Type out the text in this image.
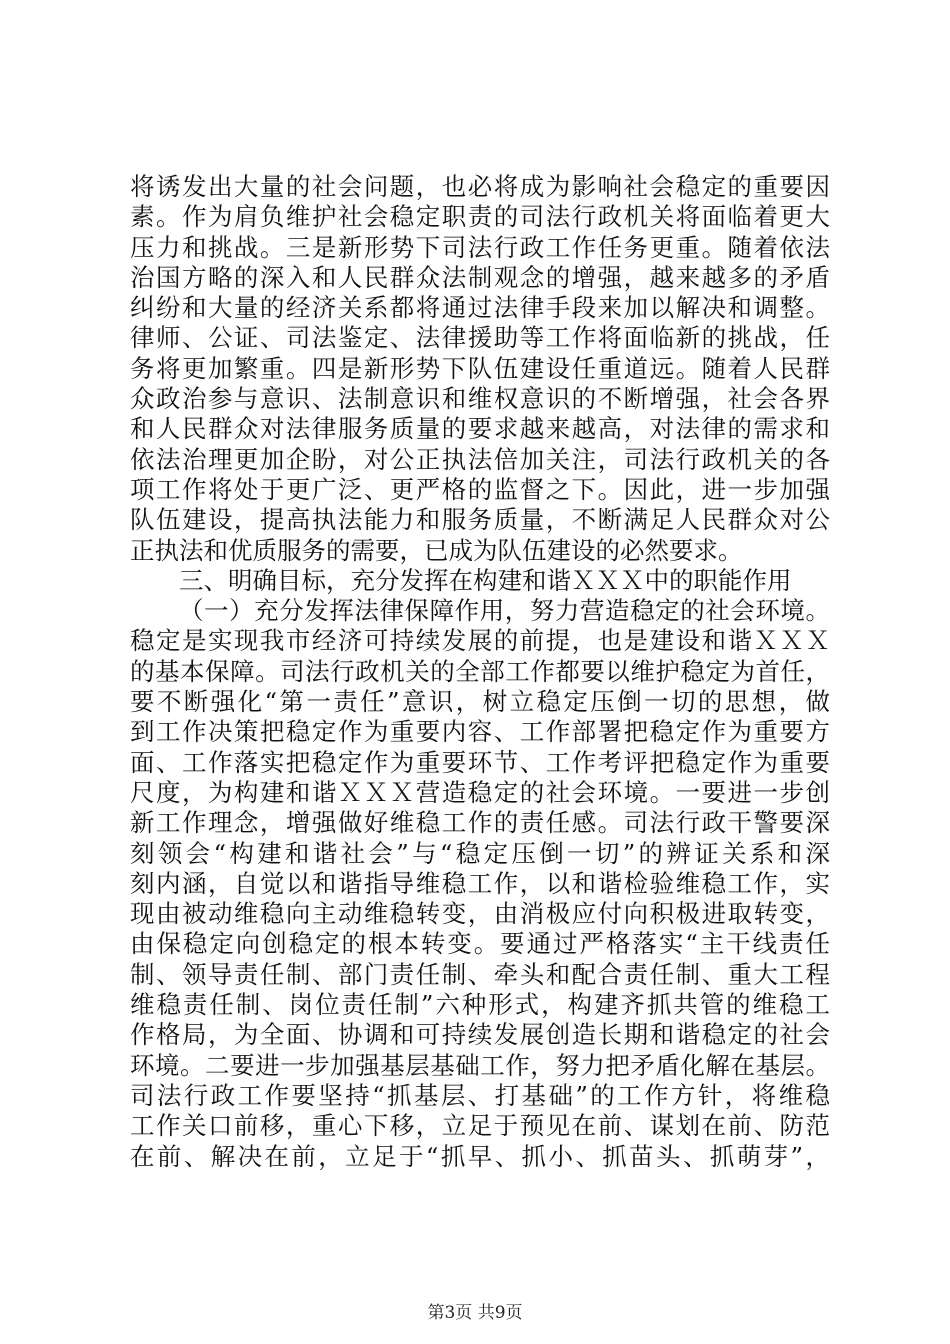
将诱发出大量的社会问题，也必将成为影响社会稳定的重要因
素。作为肩负维护社会稳定职责的司法行政机关将面临着更大
压力和挑战。三是新形势下司法行政工作任务更重。随着依法
治国方略的深入和人民群众法制观念的增强，越来越多的矛盾
纠纷和大量的经济关系都将通过法律手段来加以解决和调整。
律师、公证、司法鉴定、法律援助等工作将面临新的挑战，任
务将更加繁重。四是新形势下队伍建设任重道远。随着人民群
众政治参与意识、法制意识和维权意识的不断增强，社会各界
和人民群众对法律服务质量的要求越来越高，对法律的需求和
依法治理更加企盼，对公正执法倍加关注，司法行政机关的各
项工作将处于更广泛、更严格的监督之下。因此，进一步加强
队伍建设，提高执法能力和服务质量，不断满足人民群众对公
正执法和优质服务的需要，已成为队伍建设的必然要求。
三、明确目标，充分发挥在构建和谐ＸＸＸ中的职能作用
（一）充分发挥法律保障作用，努力营造稳定的社会环境。
稳定是实现我市经济可持续发展的前提，也是建设和谐ＸＸＸ
的基本保障。司法行政机关的全部工作都要以维护稳定为首任，
要不断强化“第一责任”意识，树立稳定压倒一切的思想，做
到工作决策把稳定作为重要内容、工作部署把稳定作为重要方
面、工作落实把稳定作为重要环节、工作考评把稳定作为重要
尺度，为构建和谐ＸＸＸ营造稳定的社会环境。一要进一步创
新工作理念，增强做好维稳工作的责任感。司法行政干警要深
刻领会“构建和谐社会”与“稳定压倒一切”的辨证关系和深
刻内涵，自觉以和谐指导维稳工作，以和谐检验维稳工作，实
现由被动维稳向主动维稳转变，由消极应付向积极进取转变，
由保稳定向创稳定的根本转变。要通过严格落实“主干线责任
制、领导责任制、部门责任制、牵头和配合责任制、重大工程
维稳责任制、岗位责任制”六种形式，构建齐抓共管的维稳工
作格局，为全面、协调和可持续发展创造长期和谐稳定的社会
环境。二要进一步加强基层基础工作，努力把矛盾化解在基层。
司法行政工作要坚持“抓基层、打基础”的工作方针，将维稳
工作关口前移，重心下移，立足于预见在前、谋划在前、防范
在前、解决在前，立足于“抓早、抓小、抓苗头、抓萌芽”，
第3页 共9页
